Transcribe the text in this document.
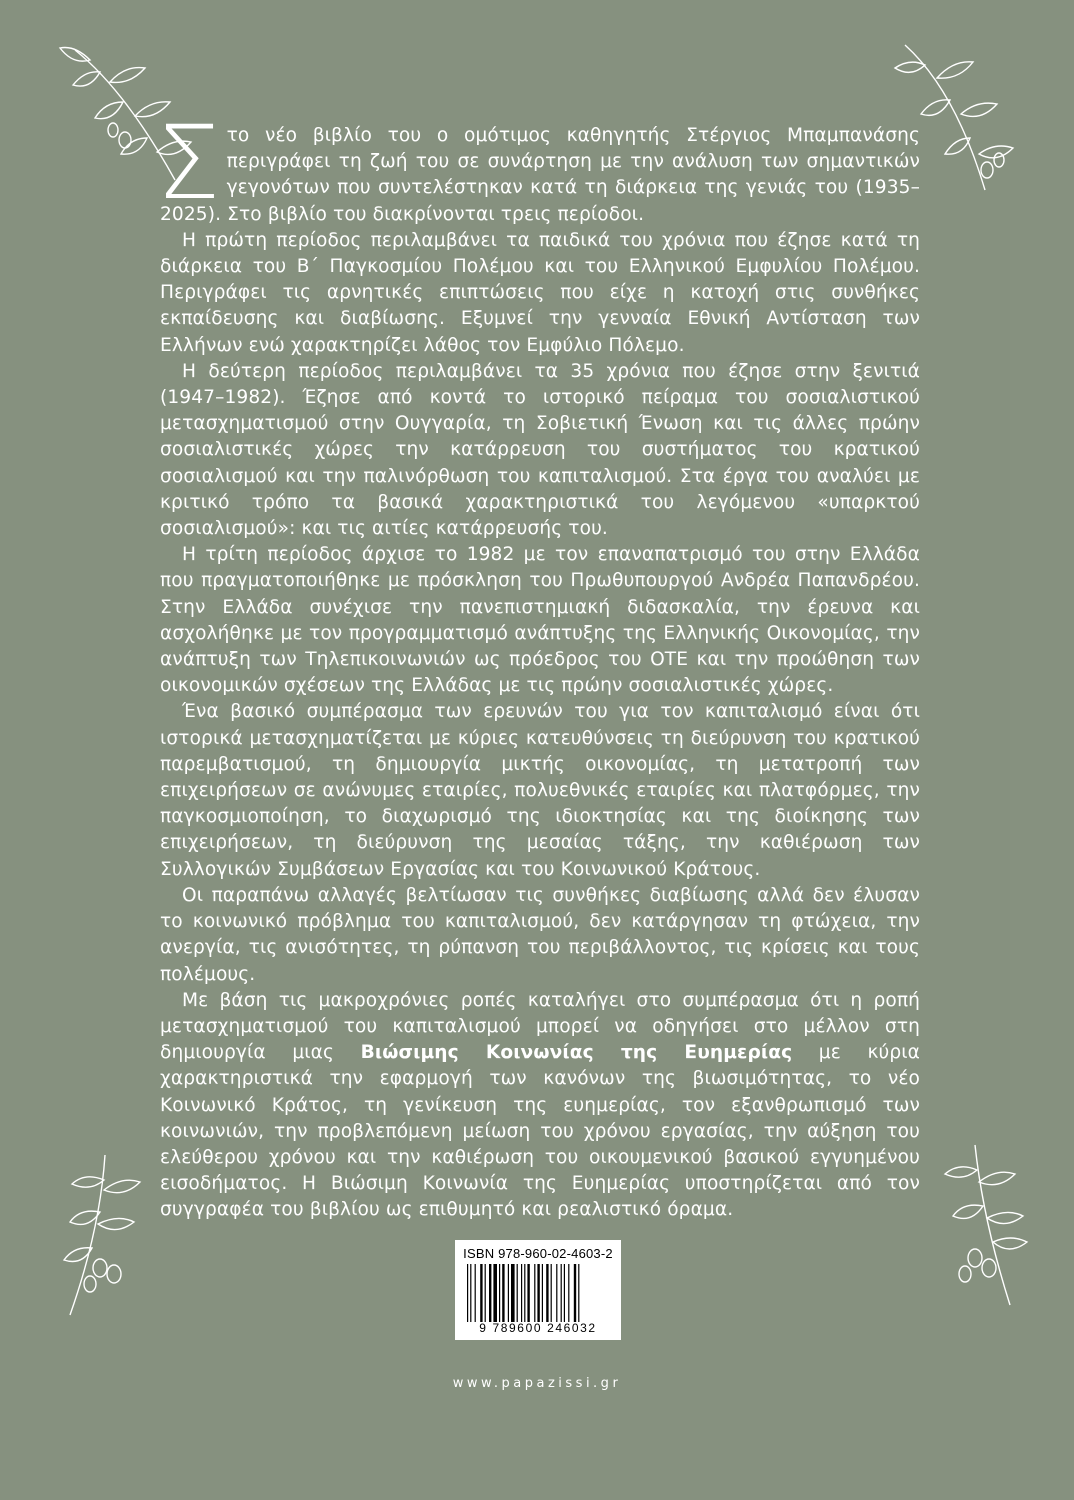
Στο νέο βιβλίο του ο ομότιμος καθηγητής Στέργιος Μπαμπανάσης περιγράφει τη ζωή του σε συνάρτηση με την ανάλυση των σημαντικών γεγονότων που συντελέστηκαν κατά τη διάρκεια της γενιάς του (1935–2025). Στο βιβλίο του διακρίνονται τρεις περίοδοι.

Η πρώτη περίοδος περιλαμβάνει τα παιδικά του χρόνια που έζησε κατά τη διάρκεια του Β΄ Παγκοσμίου Πολέμου και του Ελληνικού Εμφυλίου Πολέμου. Περιγράφει τις αρνητικές επιπτώσεις που είχε η κατοχή στις συνθήκες εκπαίδευσης και διαβίωσης. Εξυμνεί την γενναία Εθνική Αντίσταση των Ελλήνων ενώ χαρακτηρίζει λάθος τον Εμφύλιο Πόλεμο.

Η δεύτερη περίοδος περιλαμβάνει τα 35 χρόνια που έζησε στην ξενιτιά (1947–1982). Έζησε από κοντά το ιστορικό πείραμα του σοσιαλιστικού μετασχηματισμού στην Ουγγαρία, τη Σοβιετική Ένωση και τις άλλες πρώην σοσιαλιστικές χώρες την κατάρρευση του συστήματος του κρατικού σοσιαλισμού και την παλινόρθωση του καπιταλισμού. Στα έργα του αναλύει με κριτικό τρόπο τα βασικά χαρακτηριστικά του λεγόμενου «υπαρκτού σοσιαλισμού»: και τις αιτίες κατάρρευσής του.

Η τρίτη περίοδος άρχισε το 1982 με τον επαναπατρισμό του στην Ελλάδα που πραγματοποιήθηκε με πρόσκληση του Πρωθυπουργού Ανδρέα Παπανδρέου. Στην Ελλάδα συνέχισε την πανεπιστημιακή διδασκαλία, την έρευνα και ασχολήθηκε με τον προγραμματισμό ανάπτυξης της Ελληνικής Οικονομίας, την ανάπτυξη των Τηλεπικοινωνιών ως πρόεδρος του ΟΤΕ και την προώθηση των οικονομικών σχέσεων της Ελλάδας με τις πρώην σοσιαλιστικές χώρες.

Ένα βασικό συμπέρασμα των ερευνών του για τον καπιταλισμό είναι ότι ιστορικά μετασχηματίζεται με κύριες κατευθύνσεις τη διεύρυνση του κρατικού παρεμβατισμού, τη δημιουργία μικτής οικονομίας, τη μετατροπή των επιχειρήσεων σε ανώνυμες εταιρίες, πολυεθνικές εταιρίες και πλατφόρμες, την παγκοσμιοποίηση, το διαχωρισμό της ιδιοκτησίας και της διοίκησης των επιχειρήσεων, τη διεύρυνση της μεσαίας τάξης, την καθιέρωση των Συλλογικών Συμβάσεων Εργασίας και του Κοινωνικού Κράτους.

Οι παραπάνω αλλαγές βελτίωσαν τις συνθήκες διαβίωσης αλλά δεν έλυσαν το κοινωνικό πρόβλημα του καπιταλισμού, δεν κατάργησαν τη φτώχεια, την ανεργία, τις ανισότητες, τη ρύπανση του περιβάλλοντος, τις κρίσεις και τους πολέμους.

Με βάση τις μακροχρόνιες ροπές καταλήγει στο συμπέρασμα ότι η ροπή μετασχηματισμού του καπιταλισμού μπορεί να οδηγήσει στο μέλλον στη δημιουργία μιας Βιώσιμης Κοινωνίας της Ευημερίας με κύρια χαρακτηριστικά την εφαρμογή των κανόνων της βιωσιμότητας, το νέο Κοινωνικό Κράτος, τη γενίκευση της ευημερίας, τον εξανθρωπισμό των κοινωνιών, την προβλεπόμενη μείωση του χρόνου εργασίας, την αύξηση του ελεύθερου χρόνου και την καθιέρωση του οικουμενικού βασικού εγγυημένου εισοδήματος. Η Βιώσιμη Κοινωνία της Ευημερίας υποστηρίζεται από τον συγγραφέα του βιβλίου ως επιθυμητό και ρεαλιστικό όραμα.

ISBN 978-960-02-4603-2
9 789600 246032
www.papazissi.gr
